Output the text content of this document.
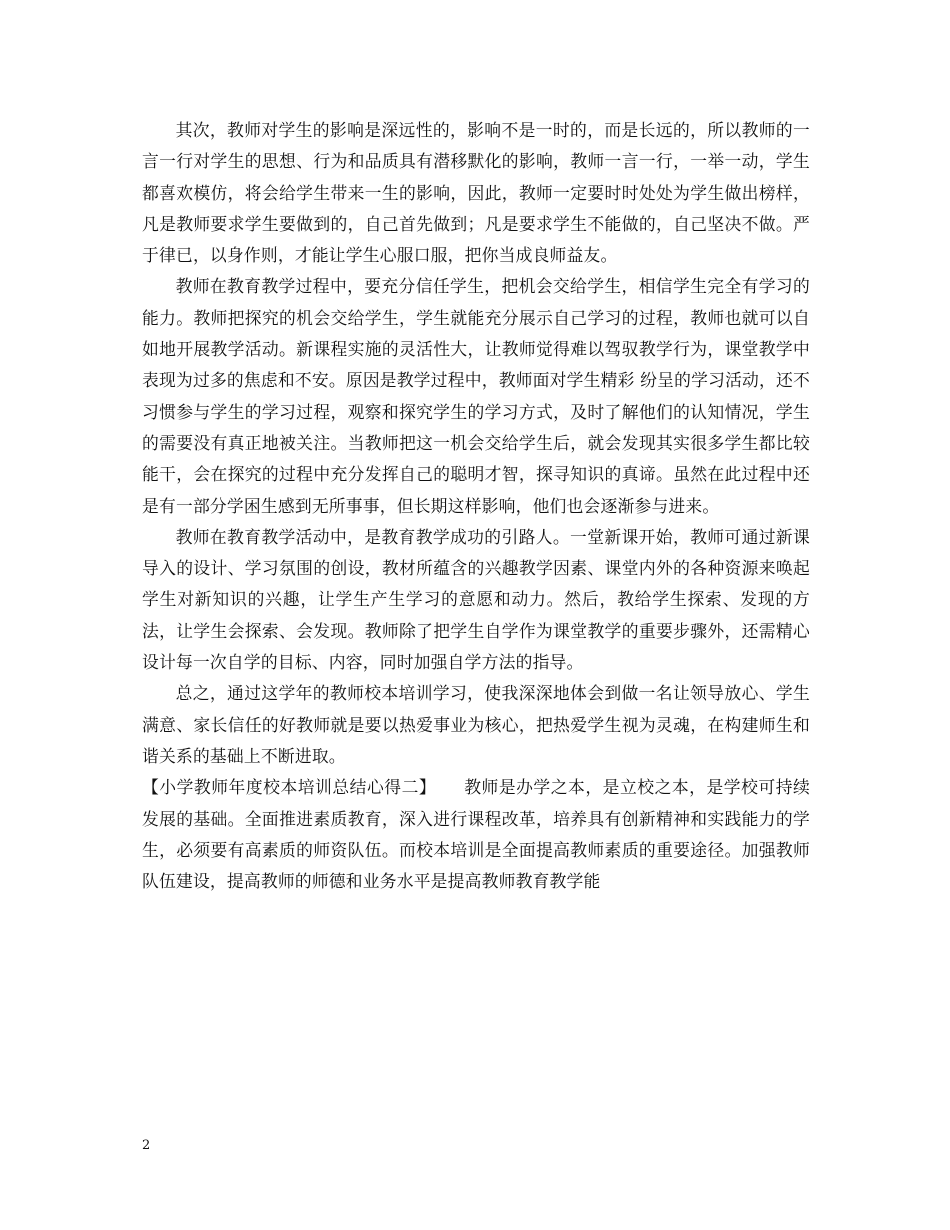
其次，教师对学生的影响是深远性的，影响不是一时的，而是长远的，所以教师的一言一行对学生的思想、行为和品质具有潜移默化的影响，教师一言一行，一举一动，学生都喜欢模仿，将会给学生带来一生的影响，因此，教师一定要时时处处为学生做出榜样，凡是教师要求学生要做到的，自己首先做到；凡是要求学生不能做的，自己坚决不做。严于律已，以身作则，才能让学生心服口服，把你当成良师益友。

教师在教育教学过程中，要充分信任学生，把机会交给学生，相信学生完全有学习的能力。教师把探究的机会交给学生，学生就能充分展示自己学习的过程，教师也就可以自如地开展教学活动。新课程实施的灵活性大，让教师觉得难以驾驭教学行为，课堂教学中表现为过多的焦虑和不安。原因是教学过程中，教师面对学生精彩 纷呈的学习活动，还不习惯参与学生的学习过程，观察和探究学生的学习方式，及时了解他们的认知情况，学生的需要没有真正地被关注。当教师把这一机会交给学生后，就会发现其实很多学生都比较能干，会在探究的过程中充分发挥自己的聪明才智，探寻知识的真谛。虽然在此过程中还是有一部分学困生感到无所事事，但长期这样影响，他们也会逐渐参与进来。

教师在教育教学活动中，是教育教学成功的引路人。一堂新课开始，教师可通过新课导入的设计、学习氛围的创设，教材所蕴含的兴趣教学因素、课堂内外的各种资源来唤起学生对新知识的兴趣，让学生产生学习的意愿和动力。然后，教给学生探索、发现的方法，让学生会探索、会发现。教师除了把学生自学作为课堂教学的重要步骤外，还需精心设计每一次自学的目标、内容，同时加强自学方法的指导。

总之，通过这学年的教师校本培训学习，使我深深地体会到做一名让领导放心、学生满意、家长信任的好教师就是要以热爱事业为核心，把热爱学生视为灵魂，在构建师生和谐关系的基础上不断进取。

【小学教师年度校本培训总结心得二】 教师是办学之本，是立校之本，是学校可持续发展的基础。全面推进素质教育，深入进行课程改革，培养具有创新精神和实践能力的学生，必须要有高素质的师资队伍。而校本培训是全面提高教师素质的重要途径。加强教师队伍建设，提高教师的师德和业务水平是提高教师教育教学能

2
